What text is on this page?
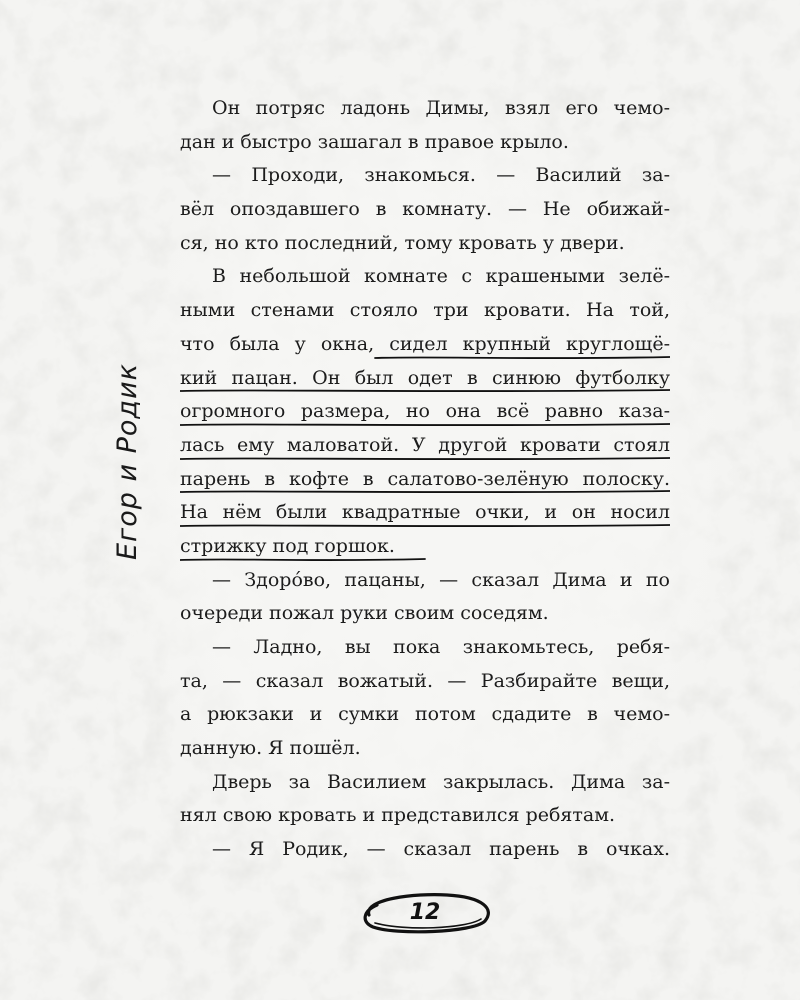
Егор и Родик
Он потряс ладонь Димы, взял его чемо-
дан и быстро зашагал в правое крыло.
— Проходи, знакомься. — Василий за-
вёл опоздавшего в комнату. — Не обижай-
ся, но кто последний, тому кровать у двери.
В небольшой комнате с крашеными зелё-
ными стенами стояло три кровати. На той,
что была у окна, сидел крупный круглощё-
кий пацан. Он был одет в синюю футболку
огромного размера, но она всё равно каза-
лась ему маловатой. У другой кровати стоял
парень в кофте в салатово-зелёную полоску.
На нём были квадратные очки, и он носил
стрижку под горшок.
— Здоро́во, пацаны, — сказал Дима и по
очереди пожал руки своим соседям.
— Ладно, вы пока знакомьтесь, ребя-
та, — сказал вожатый. — Разбирайте вещи,
а рюкзаки и сумки потом сдадите в чемо-
данную. Я пошёл.
Дверь за Василием закрылась. Дима за-
нял свою кровать и представился ребятам.
— Я Родик, — сказал парень в очках.
12
